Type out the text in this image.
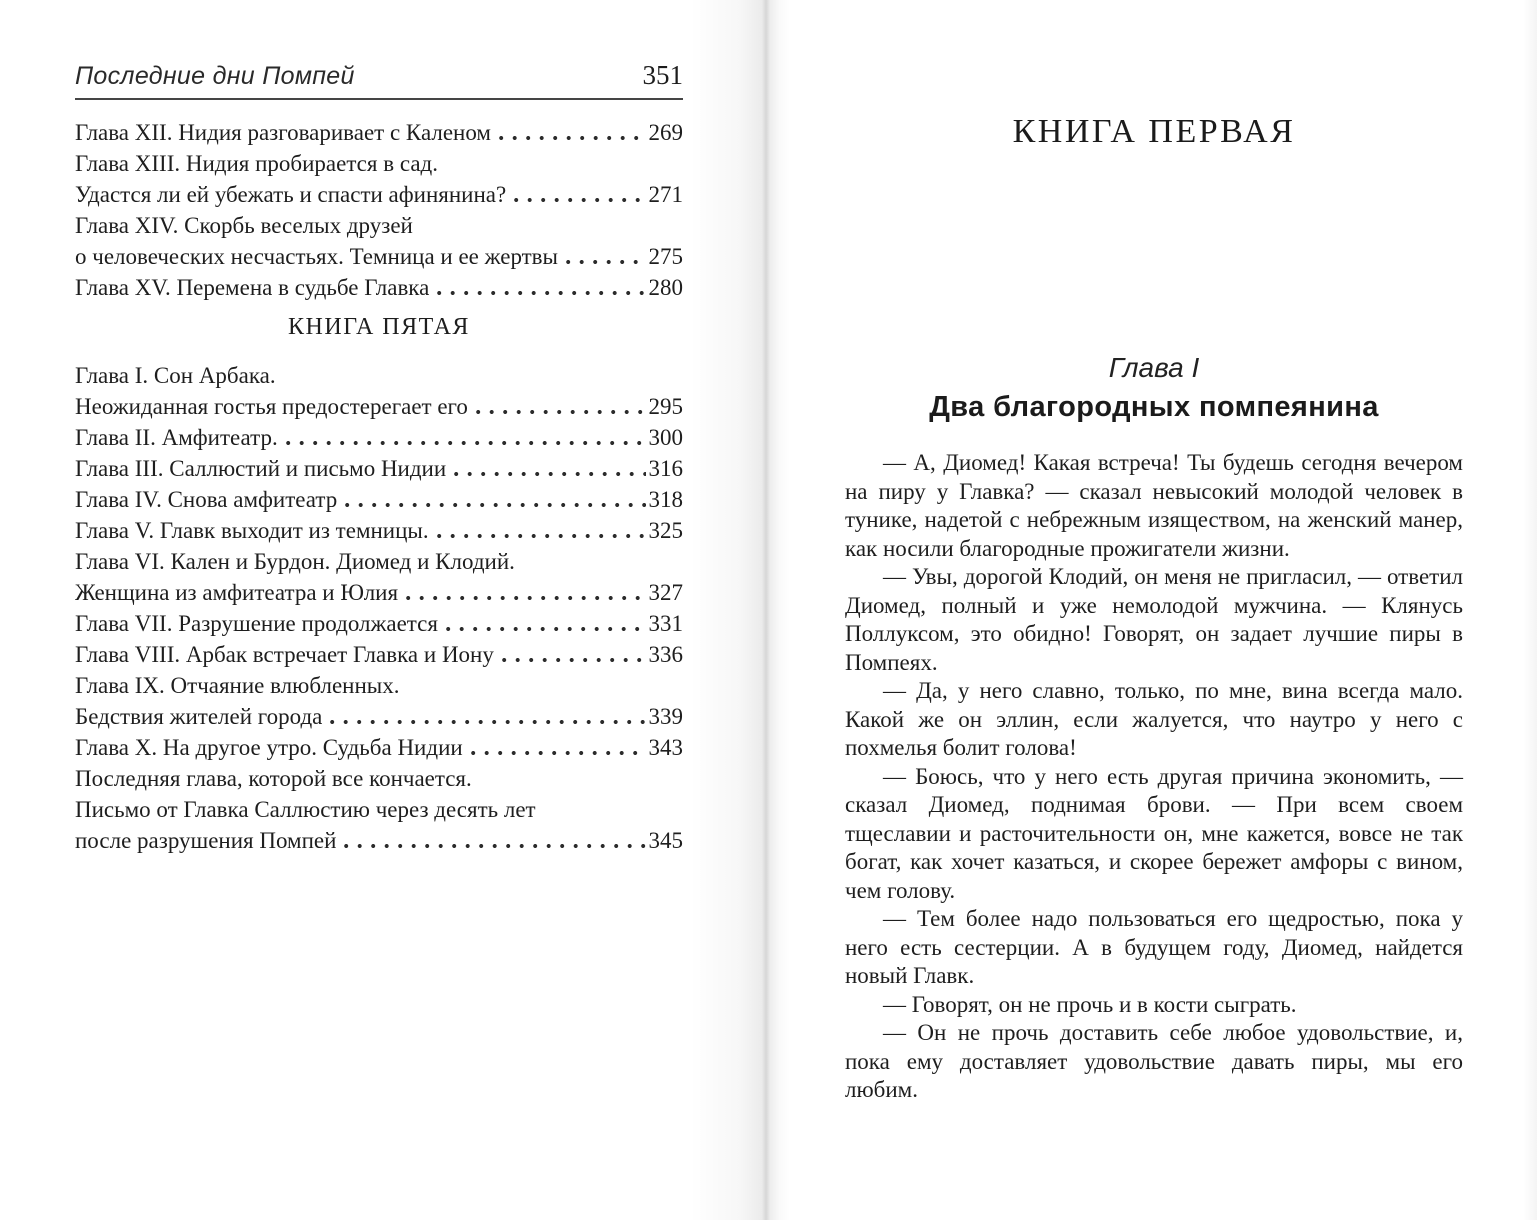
Последние дни Помпей	351
Глава XII. Нидия разговаривает с Каленом	269
Глава XIII. Нидия пробирается в сад.
Удастся ли ей убежать и спасти афинянина?	271
Глава XIV. Скорбь веселых друзей
о человеческих несчастьях. Темница и ее жертвы	275
Глава XV. Перемена в судьбе Главка	280
КНИГА ПЯТАЯ
Глава I. Сон Арбака.
Неожиданная гостья предостерегает его	295
Глава II. Амфитеатр.	300
Глава III. Саллюстий и письмо Нидии	316
Глава IV. Снова амфитеатр	318
Глава V. Главк выходит из темницы.	325
Глава VI. Кален и Бурдон. Диомед и Клодий.
Женщина из амфитеатра и Юлия	327
Глава VII. Разрушение продолжается	331
Глава VIII. Арбак встречает Главка и Иону	336
Глава IX. Отчаяние влюбленных.
Бедствия жителей города	339
Глава X. На другое утро. Судьба Нидии	343
Последняя глава, которой все кончается.
Письмо от Главка Саллюстию через десять лет
после разрушения Помпей	345
КНИГА ПЕРВАЯ
Глава I
Два благородных помпеянина

— А, Диомед! Какая встреча! Ты будешь сегодня вечером на пиру у Главка? — сказал невысокий молодой человек в тунике, надетой с небрежным изяществом, на женский манер, как носили благородные прожигатели жизни.

— Увы, дорогой Клодий, он меня не пригласил, — ответил Диомед, полный и уже немолодой мужчина. — Клянусь Поллуксом, это обидно! Говорят, он задает лучшие пиры в Помпеях.

— Да, у него славно, только, по мне, вина всегда мало. Какой же он эллин, если жалуется, что наутро у него с похмелья болит голова!

— Боюсь, что у него есть другая причина экономить, — сказал Диомед, поднимая брови. — При всем своем тщеславии и расточительности он, мне кажется, вовсе не так богат, как хочет казаться, и скорее бережет амфоры с вином, чем голову.

— Тем более надо пользоваться его щедростью, пока у него есть сестерции. А в будущем году, Диомед, найдется новый Главк.

— Говорят, он не прочь и в кости сыграть.

— Он не прочь доставить себе любое удовольствие, и, пока ему доставляет удовольствие давать пиры, мы его любим.
